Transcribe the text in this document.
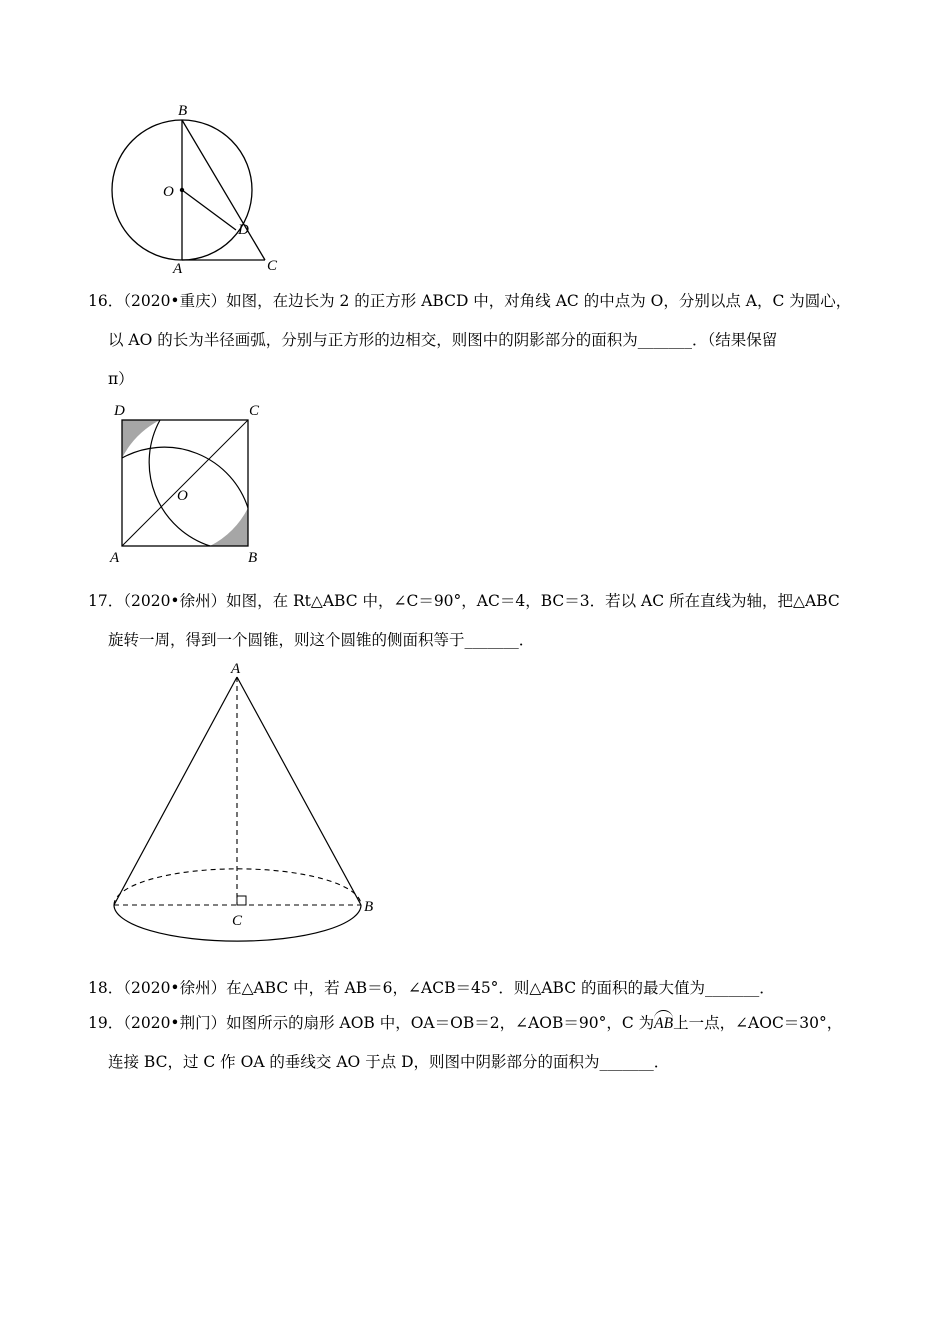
B
O
D
A	C
16．（2020•重庆）如图，在边长为 2 的正方形 ABCD 中，对角线 AC 的中点为 O，分别以点 A，C 为圆心，
以 AO 的长为半径画弧，分别与正方形的边相交，则图中的阴影部分的面积为_______．（结果保留
π）
D	C
O
A	B
17．（2020•徐州）如图，在 Rt△ABC 中，∠C＝90°，AC＝4，BC＝3．若以 AC 所在直线为轴，把△ABC
旋转一周，得到一个圆锥，则这个圆锥的侧面积等于_______．
A
B
C
18．（2020•徐州）在△ABC 中，若 AB＝6，∠ACB＝45°．则△ABC 的面积的最大值为_______．
19．（2020•荆门）如图所示的扇形 AOB 中，OA＝OB＝2，∠AOB＝90°，C 为AB上一点，∠AOC＝30°，
连接 BC，过 C 作 OA 的垂线交 AO 于点 D，则图中阴影部分的面积为_______．
